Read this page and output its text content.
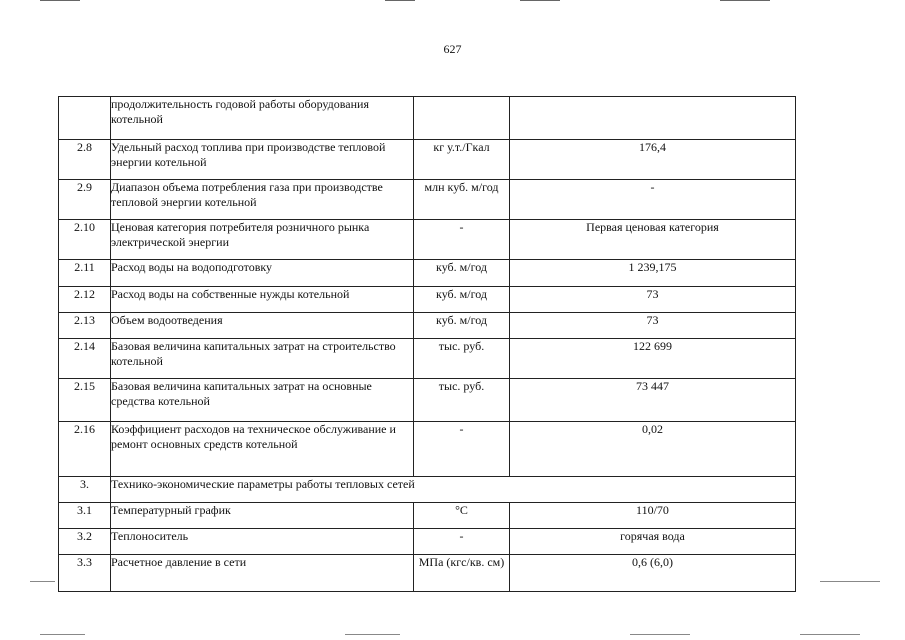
627
	продолжительность годовой работы оборудования котельной		
2.8	Удельный расход топлива при производстве тепловой энергии котельной	кг у.т./Гкал	176,4
2.9	Диапазон объема потребления газа при производстве тепловой энергии котельной	млн куб. м/год	-
2.10	Ценовая категория потребителя розничного рынка электрической энергии	-	Первая ценовая категория
2.11	Расход воды на водоподготовку	куб. м/год	1 239,175
2.12	Расход воды на собственные нужды котельной	куб. м/год	73
2.13	Объем водоотведения	куб. м/год	73
2.14	Базовая величина капитальных затрат на строительство котельной	тыс. руб.	122 699
2.15	Базовая величина капитальных затрат на основные средства котельной	тыс. руб.	73 447
2.16	Коэффициент расходов на техническое обслуживание и ремонт основных средств котельной	-	0,02
3.	Технико-экономические параметры работы тепловых сетей		
3.1	Температурный график	°С	110/70
3.2	Теплоноситель	-	горячая вода
3.3	Расчетное давление в сети	МПа (кгс/кв. см)	0,6 (6,0)
